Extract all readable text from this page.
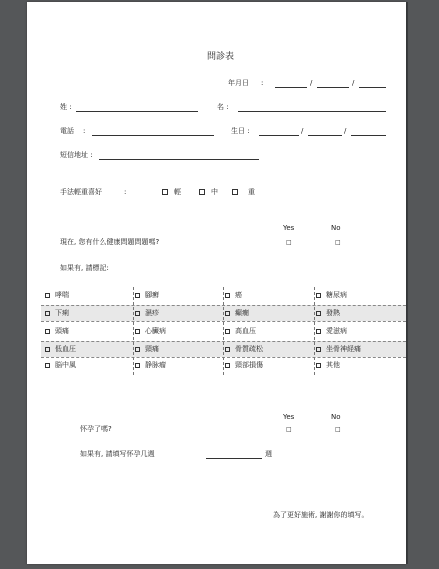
問診表
年月日 :	/	/
姓 :	名 :
電話 :	生日 :	/	/
短信地址 :
手法輕重喜好	:	輕	中	重
Yes	No
現在, 您有什么健康問題問題嗎?	□	□
如果有, 請標記:
哮喘	腳癬	癌	糖尿病
下痢	濕疹	癲癇	發熱
頭痛	心臟病	高血压	愛滋病
低血圧	頸痛	骨質疏松	坐骨神経痛
脳中風	静脉瘤	頸部損傷	其他
Yes	No
怀孕了嗎?	□	□
如果有, 請填写怀孕几週	週
為了更好施術, 謝謝你的填写。
